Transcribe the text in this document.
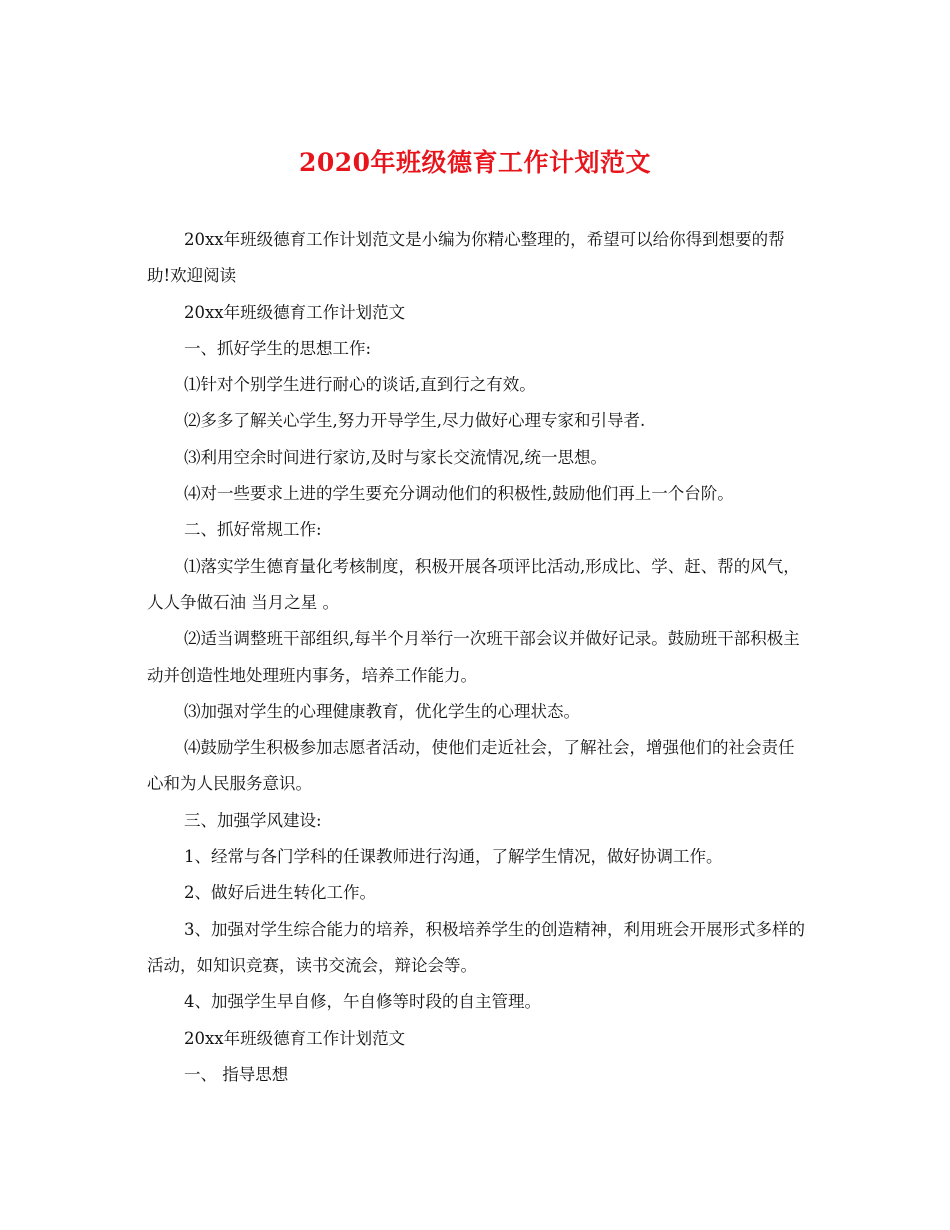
2020年班级德育工作计划范文

20xx年班级德育工作计划范文是小编为你精心整理的，希望可以给你得到想要的帮助!欢迎阅读

20xx年班级德育工作计划范文

一、抓好学生的思想工作:

⑴针对个别学生进行耐心的谈话,直到行之有效。

⑵多多了解关心学生,努力开导学生,尽力做好心理专家和引导者.

⑶利用空余时间进行家访,及时与家长交流情况,统一思想。

⑷对一些要求上进的学生要充分调动他们的积极性,鼓励他们再上一个台阶。

二、抓好常规工作:

⑴落实学生德育量化考核制度，积极开展各项评比活动,形成比、学、赶、帮的风气，人人争做石油 当月之星 。

⑵适当调整班干部组织,每半个月举行一次班干部会议并做好记录。鼓励班干部积极主动并创造性地处理班内事务，培养工作能力。

⑶加强对学生的心理健康教育，优化学生的心理状态。

⑷鼓励学生积极参加志愿者活动，使他们走近社会，了解社会，增强他们的社会责任心和为人民服务意识。

三、加强学风建设:

1、经常与各门学科的任课教师进行沟通，了解学生情况，做好协调工作。

2、做好后进生转化工作。

3、加强对学生综合能力的培养，积极培养学生的创造精神，利用班会开展形式多样的活动，如知识竞赛，读书交流会，辩论会等。

4、加强学生早自修，午自修等时段的自主管理。

20xx年班级德育工作计划范文

一、 指导思想
